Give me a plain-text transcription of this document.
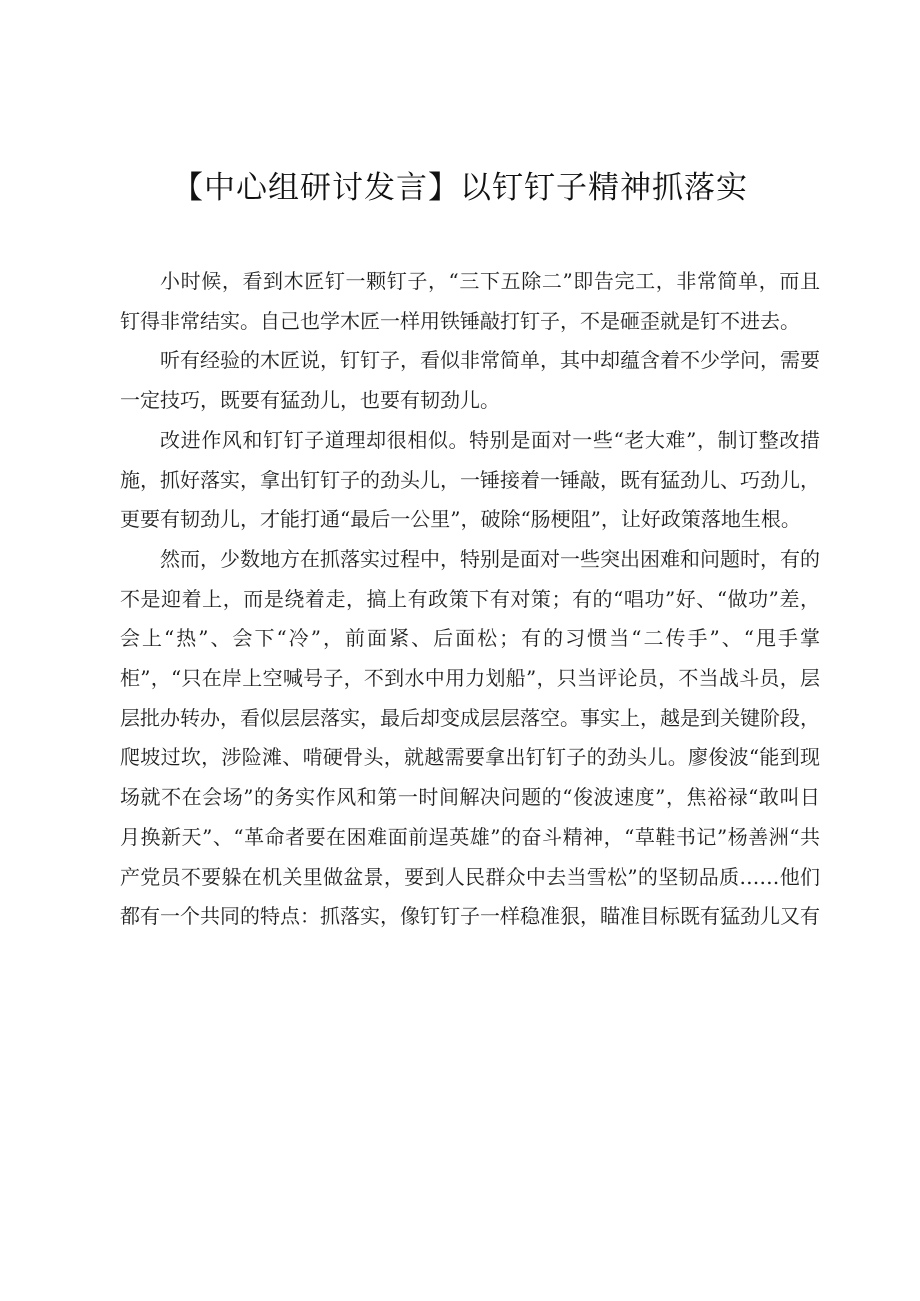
【中心组研讨发言】以钉钉子精神抓落实

小时候，看到木匠钉一颗钉子，“三下五除二”即告完工，非常简单，而且钉得非常结实。自己也学木匠一样用铁锤敲打钉子，不是砸歪就是钉不进去。

听有经验的木匠说，钉钉子，看似非常简单，其中却蕴含着不少学问，需要一定技巧，既要有猛劲儿，也要有韧劲儿。

改进作风和钉钉子道理却很相似。特别是面对一些“老大难”，制订整改措施，抓好落实，拿出钉钉子的劲头儿，一锤接着一锤敲，既有猛劲儿、巧劲儿，更要有韧劲儿，才能打通“最后一公里”，破除“肠梗阻”，让好政策落地生根。

然而，少数地方在抓落实过程中，特别是面对一些突出困难和问题时，有的不是迎着上，而是绕着走，搞上有政策下有对策；有的“唱功”好、“做功”差，会上“热”、会下“冷”，前面紧、后面松；有的习惯当“二传手”、“甩手掌柜”，“只在岸上空喊号子，不到水中用力划船”，只当评论员，不当战斗员，层层批办转办，看似层层落实，最后却变成层层落空。事实上，越是到关键阶段，爬坡过坎，涉险滩、啃硬骨头，就越需要拿出钉钉子的劲头儿。廖俊波“能到现场就不在会场”的务实作风和第一时间解决问题的“俊波速度”，焦裕禄“敢叫日月换新天”、“革命者要在困难面前逞英雄”的奋斗精神，“草鞋书记”杨善洲“共产党员不要躲在机关里做盆景，要到人民群众中去当雪松”的坚韧品质……他们都有一个共同的特点：抓落实，像钉钉子一样稳准狠，瞄准目标既有猛劲儿又有
